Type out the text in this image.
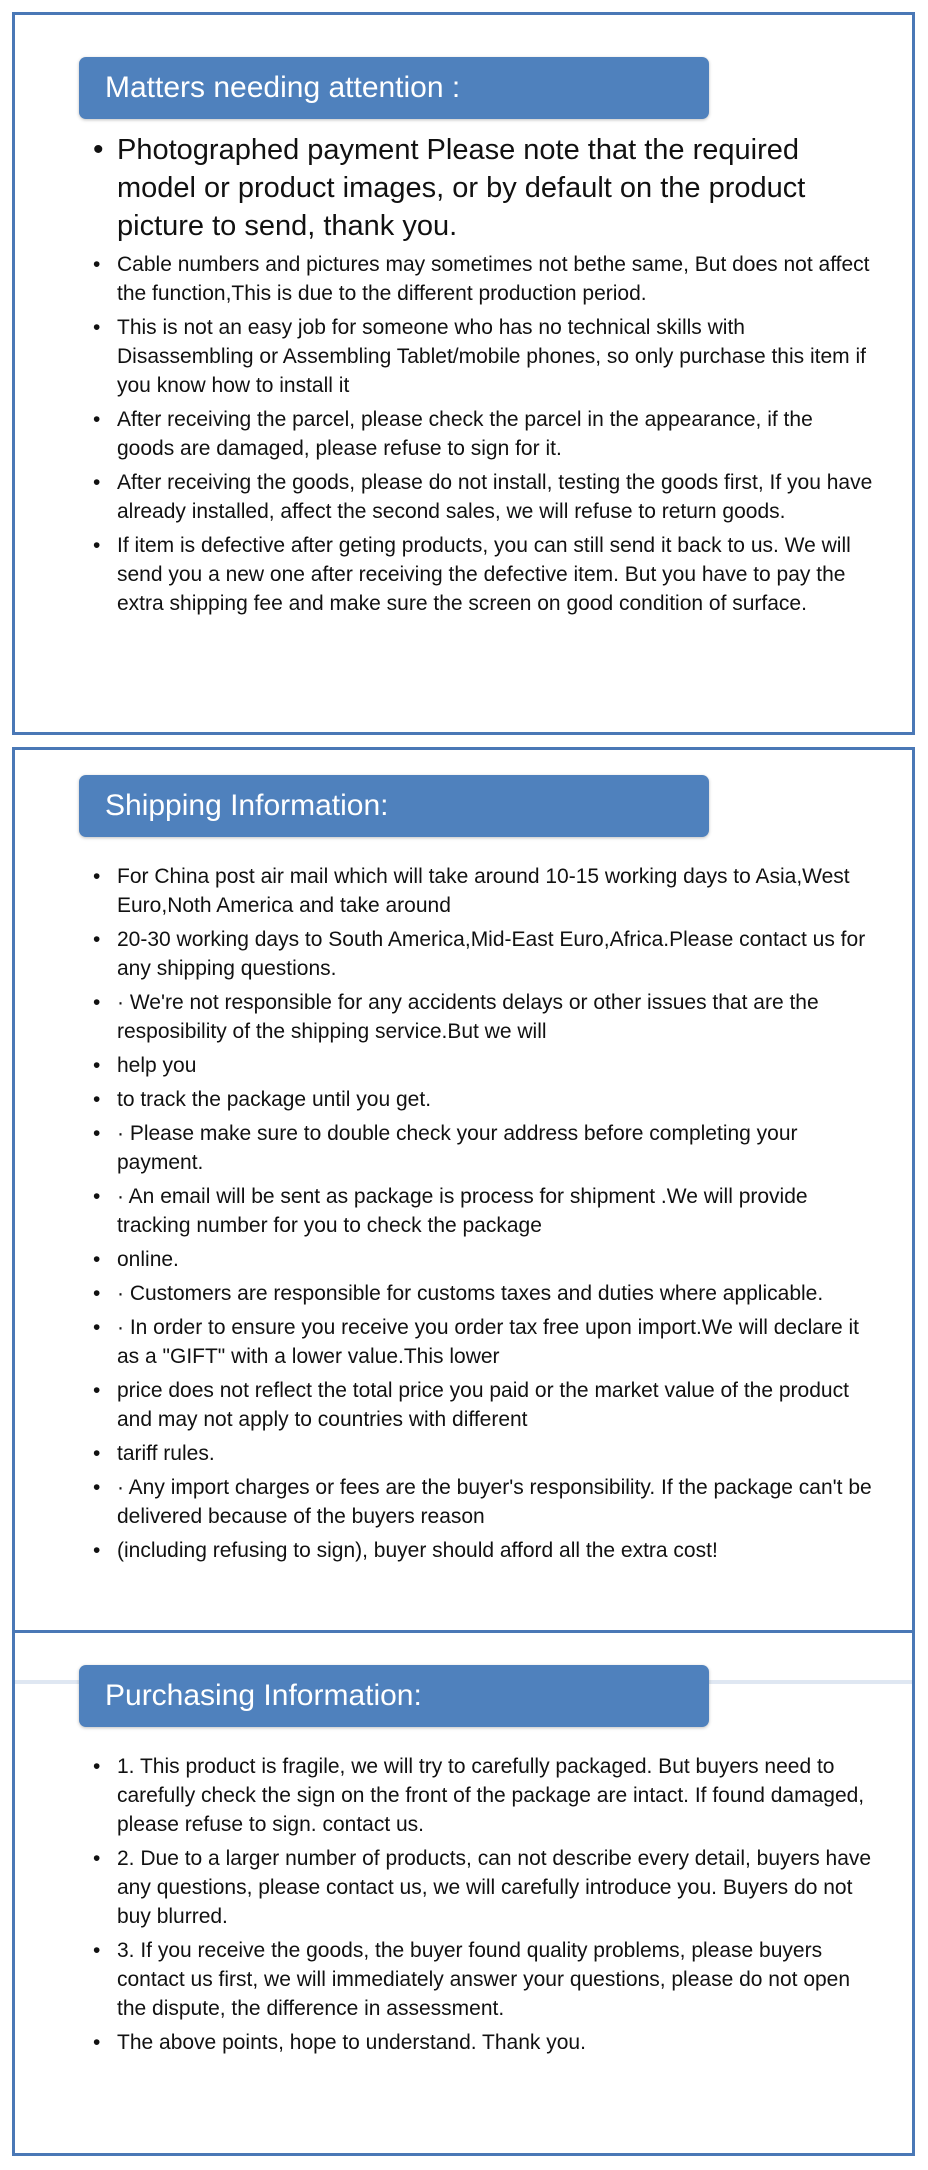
Matters needing attention :
• Photographed payment Please note that the required model or product images, or by default on the product picture to send, thank you.
• Cable numbers and pictures may sometimes not bethe same, But does not affect the function,This is due to the different production period.
• This is not an easy job for someone who has no technical skills with Disassembling or Assembling Tablet/mobile phones, so only purchase this item if you know how to install it
• After receiving the parcel, please check the parcel in the appearance, if the goods are damaged, please refuse to sign for it.
• After receiving the goods, please do not install, testing the goods first, If you have already installed, affect the second sales, we will refuse to return goods.
• If item is defective after geting products, you can still send it back to us. We will send you a new one after receiving the defective item. But you have to pay the extra shipping fee and make sure the screen on good condition of surface.
Shipping Information:
• For China post air mail which will take around 10-15 working days to Asia,West Euro,Noth America and take around
• 20-30 working days to South America,Mid-East Euro,Africa.Please contact us for any shipping questions.
• · We're not responsible for any accidents delays or other issues that are the resposibility of the shipping service.But we will
• help you
• to track the package until you get.
• · Please make sure to double check your address before completing your payment.
• · An email will be sent as package is process for shipment .We will provide tracking number for you to check the package
• online.
• · Customers are responsible for customs taxes and duties where applicable.
• · In order to ensure you receive you order tax free upon import.We will declare it as a "GIFT" with a lower value.This lower
• price does not reflect the total price you paid or the market value of the product and may not apply to countries with different
• tariff rules.
• · Any import charges or fees are the buyer's responsibility. If the package can't be delivered because of the buyers reason
• (including refusing to sign), buyer should afford all the extra cost!
Purchasing Information:
• 1. This product is fragile, we will try to carefully packaged. But buyers need to carefully check the sign on the front of the package are intact. If found damaged, please refuse to sign. contact us.
• 2. Due to a larger number of products, can not describe every detail, buyers have any questions, please contact us, we will carefully introduce you. Buyers do not buy blurred.
• 3. If you receive the goods, the buyer found quality problems, please buyers contact us first, we will immediately answer your questions, please do not open the dispute, the difference in assessment.
• The above points, hope to understand. Thank you.
